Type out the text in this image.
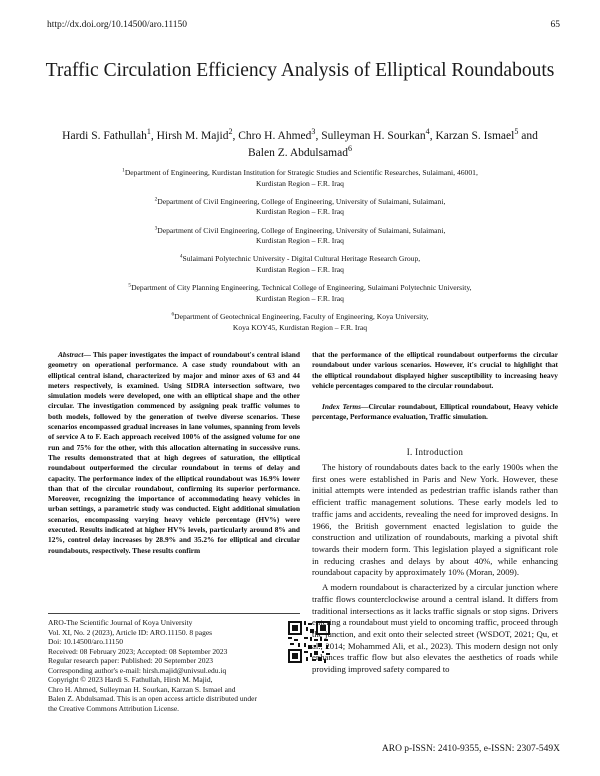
http://dx.doi.org/10.14500/aro.11150	65
Traffic Circulation Efficiency Analysis of Elliptical Roundabouts
Hardi S. Fathullah$^1$, Hirsh M. Majid$^2$, Chro H. Ahmed$^3$, Sulleyman H. Sourkan$^4$, Karzan S. Ismael$^5$ and
Balen Z. Abdulsamad$^6$
$^1$Department of Engineering, Kurdistan Institution for Strategic Studies and Scientific Researches, Sulaimani, 46001,
Kurdistan Region – F.R. Iraq
$^2$Department of Civil Engineering, College of Engineering, University of Sulaimani, Sulaimani,
Kurdistan Region – F.R. Iraq
$^3$Department of Civil Engineering, College of Engineering, University of Sulaimani, Sulaimani,
Kurdistan Region – F.R. Iraq
$^4$Sulaimani Polytechnic University - Digital Cultural Heritage Research Group,
Kurdistan Region – F.R. Iraq
$^5$Department of City Planning Engineering, Technical College of Engineering, Sulaimani Polytechnic University,
Kurdistan Region – F.R. Iraq
$^6$Department of Geotechnical Engineering, Faculty of Engineering, Koya University,
Koya KOY45, Kurdistan Region – F.R. Iraq
Abstract— This paper investigates the impact of roundabout's central island geometry on operational performance. A case study roundabout with an elliptical central island, characterized by major and minor axes of 63 and 44 meters respectively, is examined. Using SIDRA intersection software, two simulation models were developed, one with an elliptical shape and the other circular. The investigation commenced by assigning peak traffic volumes to both models, followed by the generation of twelve diverse scenarios. These scenarios encompassed gradual increases in lane volumes, spanning from levels of service A to F. Each approach received 100% of the assigned volume for one run and 75% for the other, with this allocation alternating in successive runs. The results demonstrated that at high degrees of saturation, the elliptical roundabout outperformed the circular roundabout in terms of delay and capacity. The performance index of the elliptical roundabout was 16.9% lower than that of the circular roundabout, confirming its superior performance. Moreover, recognizing the importance of accommodating heavy vehicles in urban settings, a parametric study was conducted. Eight additional simulation scenarios, encompassing varying heavy vehicle percentage (HV%) were executed. Results indicated at higher HV% levels, particularly around 8% and 12%, control delay increases by 28.9% and 35.2% for elliptical and circular roundabouts, respectively. These results confirm
ARO-The Scientific Journal of Koya University
Vol. XI, No. 2 (2023), Article ID: ARO.11150. 8 pages
Doi: 10.14500/aro.11150
Received: 08 February 2023; Accepted: 08 September 2023
Regular research paper: Published: 20 September 2023
Corresponding author's e-mail: hirsh.majid@univsul.edu.iq
Copyright © 2023 Hardi S. Fathullah, Hirsh M. Majid,
Chro H. Ahmed, Sulleyman H. Sourkan, Karzan S. Ismael and
Balen Z. Abdulsamad. This is an open access article distributed under
the Creative Commons Attribution License.
that the performance of the elliptical roundabout outperforms the circular roundabout under various scenarios. However, it's crucial to highlight that the elliptical roundabout displayed higher susceptibility to increasing heavy vehicle percentages compared to the circular roundabout.
Index Terms—Circular roundabout, Elliptical roundabout, Heavy vehicle percentage, Performance evaluation, Traffic simulation.
I. Introduction
The history of roundabouts dates back to the early 1900s when the first ones were established in Paris and New York. However, these initial attempts were intended as pedestrian traffic islands rather than efficient traffic management solutions. These early models led to traffic jams and accidents, revealing the need for improved designs. In 1966, the British government enacted legislation to guide the construction and utilization of roundabouts, marking a pivotal shift towards their modern form. This legislation played a significant role in reducing crashes and delays by about 40%, while enhancing roundabout capacity by approximately 10% (Moran, 2009).
A modern roundabout is characterized by a circular junction where traffic flows counterclockwise around a central island. It differs from traditional intersections as it lacks traffic signals or stop signs. Drivers entering a roundabout must yield to oncoming traffic, proceed through the junction, and exit onto their selected street (WSDOT, 2021; Qu, et al., 2014; Mohammed Ali, et al., 2023). This modern design not only enhances traffic flow but also elevates the aesthetics of roads while providing improved safety compared to
ARO p-ISSN: 2410-9355, e-ISSN: 2307-549X
